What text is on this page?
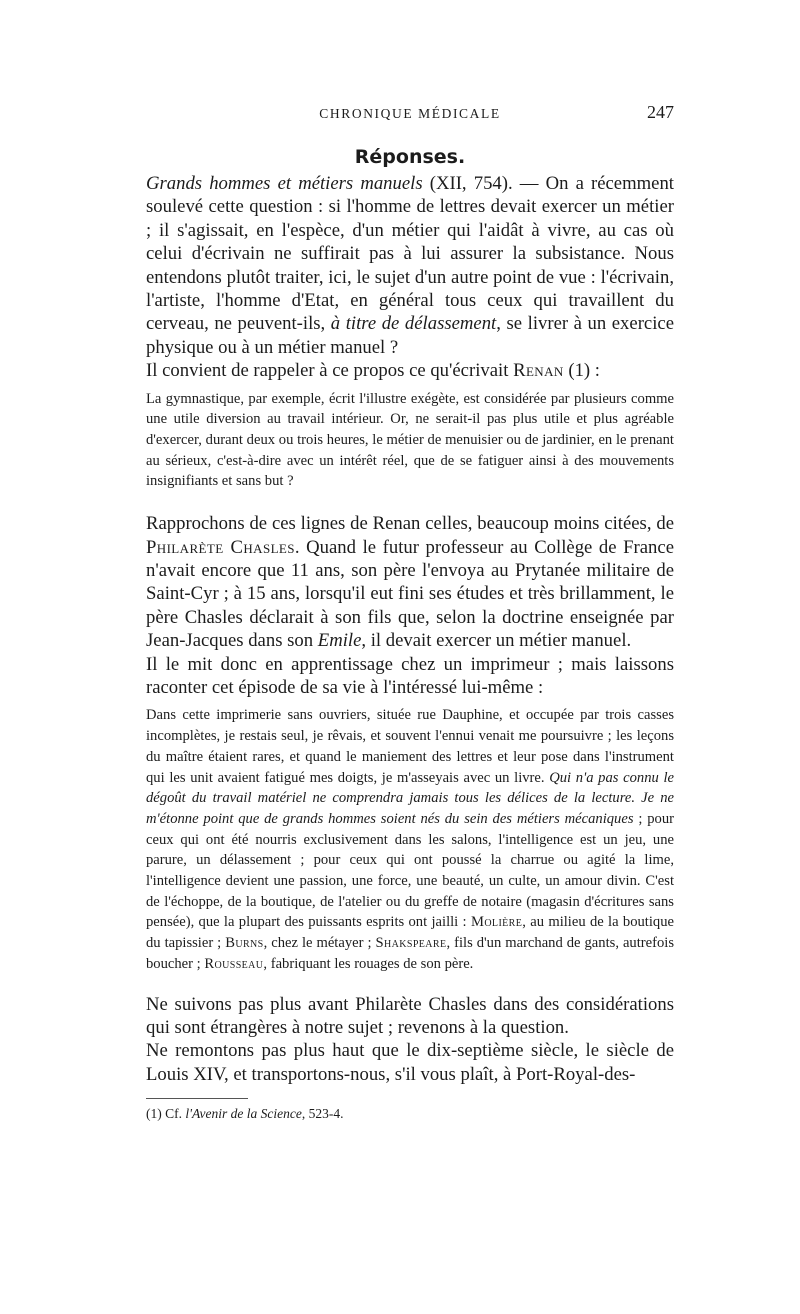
CHRONIQUE MÉDICALE	247
Réponses.

Grands hommes et métiers manuels (XII, 754). — On a récemment soulevé cette question : si l'homme de lettres devait exercer un métier ; il s'agissait, en l'espèce, d'un métier qui l'aidât à vivre, au cas où celui d'écrivain ne suffirait pas à lui assurer la subsistance. Nous entendons plutôt traiter, ici, le sujet d'un autre point de vue : l'écrivain, l'artiste, l'homme d'Etat, en général tous ceux qui travaillent du cerveau, ne peuvent-ils, à titre de délassement, se livrer à un exercice physique ou à un métier manuel ?

Il convient de rappeler à ce propos ce qu'écrivait Renan (1) :

La gymnastique, par exemple, écrit l'illustre exégète, est considérée par plusieurs comme une utile diversion au travail intérieur. Or, ne serait-il pas plus utile et plus agréable d'exercer, durant deux ou trois heures, le métier de menuisier ou de jardinier, en le prenant au sérieux, c'est-à-dire avec un intérêt réel, que de se fatiguer ainsi à des mouvements insignifiants et sans but ?

Rapprochons de ces lignes de Renan celles, beaucoup moins citées, de Philarète Chasles. Quand le futur professeur au Collège de France n'avait encore que 11 ans, son père l'envoya au Prytanée militaire de Saint-Cyr ; à 15 ans, lorsqu'il eut fini ses études et très brillamment, le père Chasles déclarait à son fils que, selon la doctrine enseignée par Jean-Jacques dans son Emile, il devait exercer un métier manuel.

Il le mit donc en apprentissage chez un imprimeur ; mais laissons raconter cet épisode de sa vie à l'intéressé lui-même :

Dans cette imprimerie sans ouvriers, située rue Dauphine, et occupée par trois casses incomplètes, je restais seul, je rêvais, et souvent l'ennui venait me poursuivre ; les leçons du maître étaient rares, et quand le maniement des lettres et leur pose dans l'instrument qui les unit avaient fatigué mes doigts, je m'asseyais avec un livre. Qui n'a pas connu le dégoût du travail matériel ne comprendra jamais tous les délices de la lecture. Je ne m'étonne point que de grands hommes soient nés du sein des métiers mécaniques ; pour ceux qui ont été nourris exclusivement dans les salons, l'intelligence est un jeu, une parure, un délassement ; pour ceux qui ont poussé la charrue ou agité la lime, l'intelligence devient une passion, une force, une beauté, un culte, un amour divin. C'est de l'échoppe, de la boutique, de l'atelier ou du greffe de notaire (magasin d'écritures sans pensée), que la plupart des puissants esprits ont jailli : Molière, au milieu de la boutique du tapissier ; Burns, chez le métayer ; Shakspeare, fils d'un marchand de gants, autrefois boucher ; Rousseau, fabriquant les rouages de son père.

Ne suivons pas plus avant Philarète Chasles dans des considérations qui sont étrangères à notre sujet ; revenons à la question.

Ne remontons pas plus haut que le dix-septième siècle, le siècle de Louis XIV, et transportons-nous, s'il vous plaît, à Port-Royal-des-

(1) Cf. l'Avenir de la Science, 523-4.
